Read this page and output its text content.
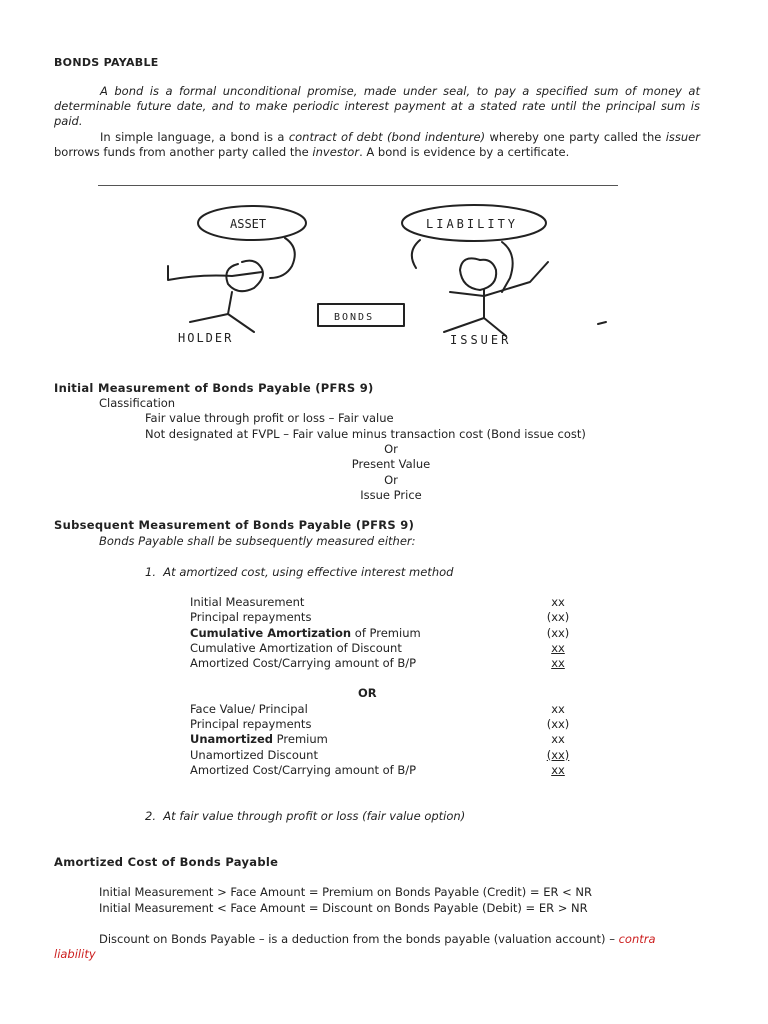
BONDS PAYABLE
A bond is a formal unconditional promise, made under seal, to pay a specified sum of money at determinable future date, and to make periodic interest payment at a stated rate until the principal sum is paid.
In simple language, a bond is a contract of debt (bond indenture) whereby one party called the issuer borrows funds from another party called the investor. A bond is evidence by a certificate.
ASSET	LIABILITY
BONDS
HOLDER	ISSUER
Initial Measurement of Bonds Payable (PFRS 9)
Classification
Fair value through profit or loss – Fair value
Not designated at FVPL – Fair value minus transaction cost (Bond issue cost)
Or
Present Value
Or
Issue Price
Subsequent Measurement of Bonds Payable (PFRS 9)
Bonds Payable shall be subsequently measured either:
1.  At amortized cost, using effective interest method
Initial Measurement	xx
Principal repayments	(xx)
Cumulative Amortization of Premium	(xx)
Cumulative Amortization of Discount	xx
Amortized Cost/Carrying amount of B/P	xx
OR
Face Value/ Principal	xx
Principal repayments	(xx)
Unamortized Premium	xx
Unamortized Discount	(xx)
Amortized Cost/Carrying amount of B/P	xx
2.  At fair value through profit or loss (fair value option)
Amortized Cost of Bonds Payable
Initial Measurement > Face Amount = Premium on Bonds Payable (Credit) = ER < NR
Initial Measurement < Face Amount = Discount on Bonds Payable (Debit) = ER > NR
Discount on Bonds Payable – is a deduction from the bonds payable (valuation account) – contra
liability
